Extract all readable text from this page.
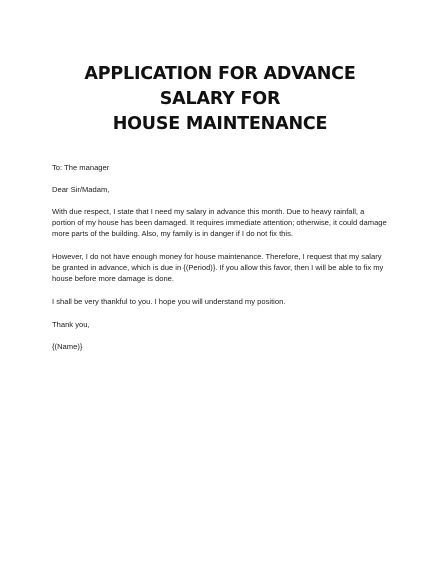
APPLICATION FOR ADVANCE SALARY FOR
HOUSE MAINTENANCE

To: The manager

Dear Sir/Madam,

With due respect, I state that I need my salary in advance this month. Due to heavy rainfall, a portion of my house has been damaged. It requires immediate attention; otherwise, it could damage more parts of the building. Also, my family is in danger if I do not fix this.

However, I do not have enough money for house maintenance. Therefore, I request that my salary be granted in advance, which is due in {(Period)}. If you allow this favor, then I will be able to fix my house before more damage is done.

I shall be very thankful to you. I hope you will understand my position.

Thank you,

{(Name)}
